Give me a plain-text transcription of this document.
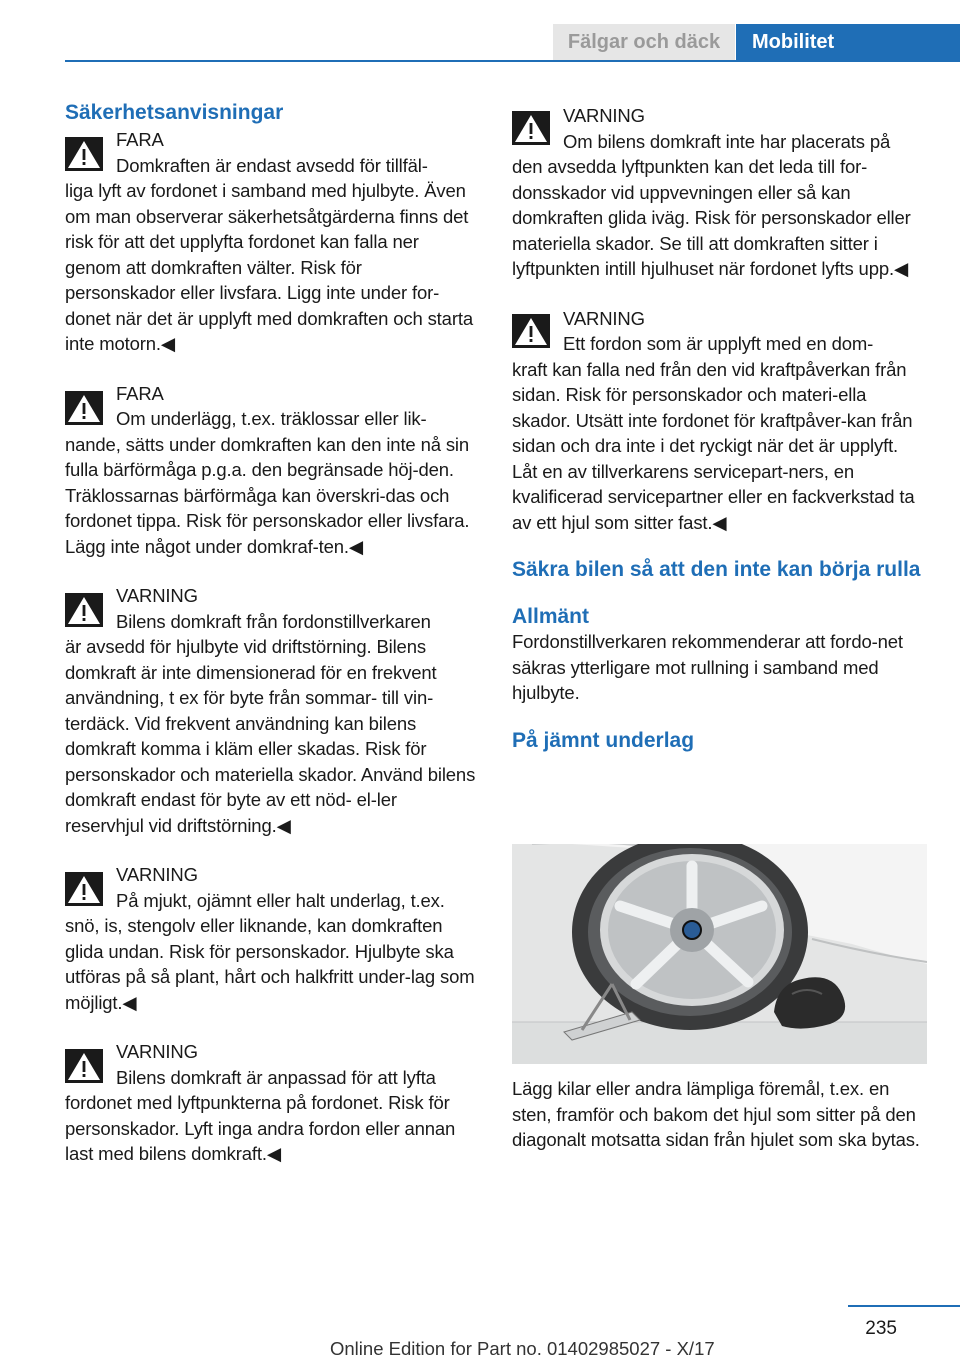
Fälgar och däck	Mobilitet
Säkerhetsanvisningar
FARA
Domkraften är endast avsedd för tillfäl-
liga lyft av fordonet i samband med hjulbyte. Även om man observerar säkerhetsåtgärderna finns det risk för att det upplyfta fordonet kan falla ner genom att domkraften välter. Risk för personskador eller livsfara. Ligg inte under for-donet när det är upplyft med domkraften och starta inte motorn.◀
FARA
Om underlägg, t.ex. träklossar eller lik-
nande, sätts under domkraften kan den inte nå sin fulla bärförmåga p.g.a. den begränsade höj-den. Träklossarnas bärförmåga kan överskri-das och fordonet tippa. Risk för personskador eller livsfara. Lägg inte något under domkraf-ten.◀
VARNING
Bilens domkraft från fordonstillverkaren
är avsedd för hjulbyte vid driftstörning. Bilens domkraft är inte dimensionerad för en frekvent användning, t ex för byte från sommar- till vin-terdäck. Vid frekvent användning kan bilens domkraft komma i kläm eller skadas. Risk för personskador och materiella skador. Använd bilens domkraft endast för byte av ett nöd- el-ler reservhjul vid driftstörning.◀
VARNING
På mjukt, ojämnt eller halt underlag, t.ex.
snö, is, stengolv eller liknande, kan domkraften glida undan. Risk för personskador. Hjulbyte ska utföras på så plant, hårt och halkfritt under-lag som möjligt.◀
VARNING
Bilens domkraft är anpassad för att lyfta
fordonet med lyftpunkterna på fordonet. Risk för personskador. Lyft inga andra fordon eller annan last med bilens domkraft.◀
VARNING
Om bilens domkraft inte har placerats på
den avsedda lyftpunkten kan det leda till for-donsskador vid uppvevningen eller så kan domkraften glida iväg. Risk för personskador eller materiella skador. Se till att domkraften sitter i lyftpunkten intill hjulhuset när fordonet lyfts upp.◀
VARNING
Ett fordon som är upplyft med en dom-
kraft kan falla ned från den vid kraftpåverkan från sidan. Risk för personskador och materi-ella skador. Utsätt inte fordonet för kraftpåver-kan från sidan och dra inte i det ryckigt när det är upplyft. Låt en av tillverkarens servicepart-ners, en kvalificerad servicepartner eller en fackverkstad ta av ett hjul som sitter fast.◀
Säkra bilen så att den inte kan börja rulla
Allmänt
Fordonstillverkaren rekommenderar att fordo-net säkras ytterligare mot rullning i samband med hjulbyte.
På jämnt underlag
Lägg kilar eller andra lämpliga föremål, t.ex. en sten, framför och bakom det hjul som sitter på den diagonalt motsatta sidan från hjulet som ska bytas.
235
Online Edition for Part no. 01402985027 - X/17
